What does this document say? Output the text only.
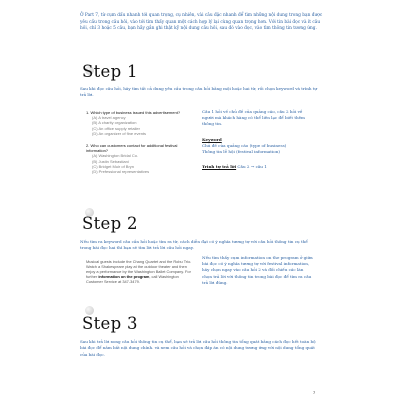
Ở Part 7, từ cụm dấu nhanh tới quan trọng, cụ nhiên, vài câu đặc nhanh để tìm những nội dung trong bạn được yêu cầu trong câu hỏi, vào tới tìm thấy quan một cách hợp lý lại cùng quan trọng hơn. Với tin bài đọc và ít câu hỏi, chỉ 3 hoặc 5 câu, bạn hãy gắn ghi thật kỹ nội dung câu hỏi, sau đó vào đọc, vào tìm thông tin tương ứng.
Step 1
Sau khi đọc câu hỏi, hãy tìm tất cả dung yêu cầu trong câu hỏi bằng mội hoặc hai từ, rồi chọn keyword và trình tự trả lời.
1. Which type of business issued this advertisement?
(A) A travel agency
(B) A charity organization
(C) An office supply retailer
(D) An organizer of fine events
2. Who can customers contact for additional festival information?
(A) Washington Bridal Co.
(B) Justin Sebastiani
(C) Bridget Muir of Bryn
(D) Prefessional representatives
Câu 1 hỏi về chủ đề của quảng cáo, câu 2 hỏi về người mà khách hàng có thể liên lạc để biết thêm thông tin.
Keyword
Chủ đề của quảng cáo (type of business)
Thông tin lễ hội (festival information)
Trình tự trả lời Câu 2 → câu 1
Step 2
Nếu tìm ra keyword câu cần hỏi hoặc tìm ra từ, cách diễn đạt có ý nghĩa tương tự với câu hỏi thông tin cụ thể trong bài đọc hai thì bạn sẽ tìm lời trả lời câu hỏi ngay.
Musical guests include the Chang Quartet and the Robu Trio. Watch a Shakespeare play at the outdoor theater and then enjoy a performance by the Washington Ballet Company. For further information on the program, call Washington Customer Service at 347-3479.
Nếu tìm thấy cụm information on the program ở giữa bài đọc có ý nghĩa tương tự với festival information, hãy chọn ngay vào câu hỏi 2 và đối chiếu các làn chọn trả lời với thông tin trong bài đọc để tìm ra câu trả lời đúng.
Step 3
Sau khi trả lời xong câu hỏi thông tin cụ thể, bạn sẽ trả lời câu hỏi thông tin tổng quát bằng cách đọc hết toàn bộ bài đọc để nắm bắt nội dung chính. và xem câu hỏi và chọn đáp án có nội dung tương ứng với nội dung tổng quát của bài đọc.
7
